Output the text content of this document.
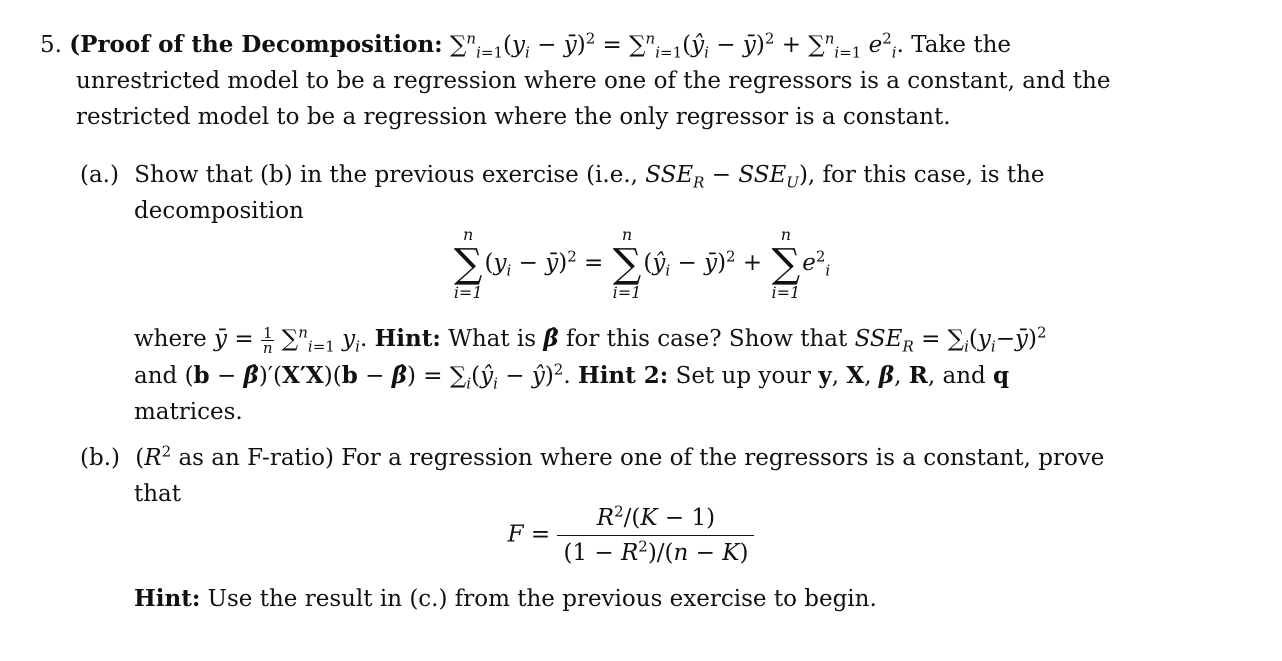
5. (Proof of the Decomposition: $\sum^n_{i=1}(y_i$ − ȳ)$^2$ = $\sum^n_{i=1}(ŷ_i$ − ȳ)$^2$ + ∑$^n_{i=1}$ $e^2_i$. Take the
unrestricted model to be a regression where one of the regressors is a constant, and the
restricted model to be a regression where the only regressor is a constant.
(a.) Show that (b) in the previous exercise (i.e., $SSE_R - SSE_U$), for this case, is the
decomposition
n
∑
i=1
($y_i$ − ȳ)$^2$ =
n
∑
i=1
($ŷ_i$ − ȳ)$^2$ +
n
∑
i=1
$e^2_i$
where ȳ = $\frac{1}{n} \sum^n_{i=1}$ $y_i$. Hint: What is β̂ for this case? Show that $SSE_R$ = $\sum_i(y_i-ȳ)^2$
and (b − β̂)′(X′X)(b − β̂) = $\sum_i(ŷ_i$ − ŷ)$^2$. Hint 2: Set up your y, X, β, R, and q
matrices.
(b.) ($R^2$ as an F-ratio) For a regression where one of the regressors is a constant, prove
that
$F = \frac{R^2/(K - 1)}{(1 - R^2)/(n - K)}$
Hint: Use the result in (c.) from the previous exercise to begin.
